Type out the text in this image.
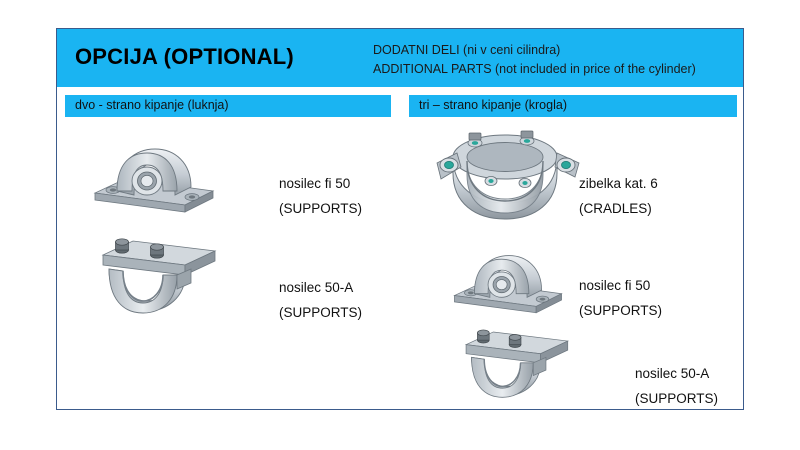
OPCIJA (OPTIONAL)	DODATNI DELI (ni v ceni cilindra)
ADDITIONAL PARTS (not included in price of the cylinder)
dvo - strano kipanje (luknja)	tri – strano kipanje (krogla)
nosilec fi 50
(SUPPORTS)
nosilec 50-A
(SUPPORTS)
zibelka kat. 6
(CRADLES)
nosilec fi 50
(SUPPORTS)
nosilec 50-A
(SUPPORTS)
